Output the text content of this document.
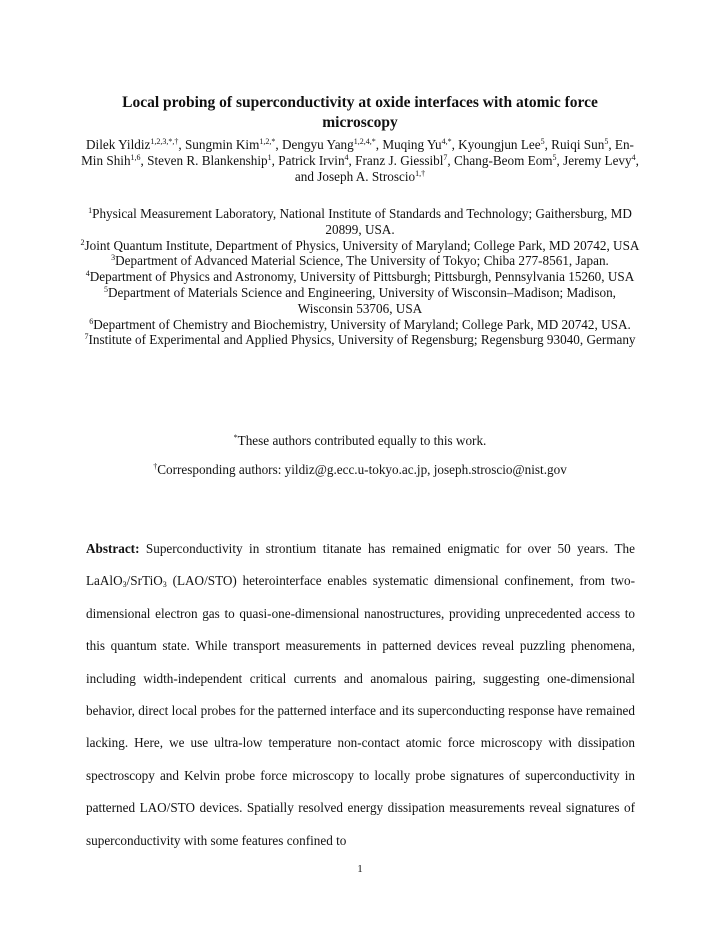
Local probing of superconductivity at oxide interfaces with atomic force microscopy
Dilek Yildiz$^{1,2,3,*,\dagger}$, Sungmin Kim$^{1,2,*}$, Dengyu Yang$^{1,2,4,*}$, Muqing $Yu^{4,*}$, Kyoungjun Lee$^5$, Ruiqi Sun$^5$, En-Min Shih$^{1,6}$, Steven R. Blankenship$^1$, Patrick Irvin$^4$, Franz J. Giessibl$^7$, Chang-Beom Eom$^5$, Jeremy Levy$^4$, and Joseph A. Stroscio$^{1,\dagger}$
$^1$Physical Measurement Laboratory, National Institute of Standards and Technology; Gaithersburg, MD 20899, USA.
$^2$Joint Quantum Institute, Department of Physics, University of Maryland; College Park, MD 20742, USA
$^3$Department of Advanced Material Science, The University of Tokyo; Chiba 277-8561, Japan.
$^4$Department of Physics and Astronomy, University of Pittsburgh; Pittsburgh, Pennsylvania 15260, USA
$^5$Department of Materials Science and Engineering, University of Wisconsin–Madison; Madison, Wisconsin 53706, USA
$^6$Department of Chemistry and Biochemistry, University of Maryland; College Park, MD 20742, USA.
$^7$Institute of Experimental and Applied Physics, University of Regensburg; Regensburg 93040, Germany
*These authors contributed equally to this work.
†Corresponding authors: yildiz@g.ecc.u-tokyo.ac.jp, joseph.stroscio@nist.gov
Abstract: Superconductivity in strontium titanate has remained enigmatic for over 50 years. The LaAlO$_3$/SrTiO$_3$ (LAO/STO) heterointerface enables systematic dimensional confinement, from two-dimensional electron gas to quasi-one-dimensional nanostructures, providing unprecedented access to this quantum state. While transport measurements in patterned devices reveal puzzling phenomena, including width-independent critical currents and anomalous pairing, suggesting one-dimensional behavior, direct local probes for the patterned interface and its superconducting response have remained lacking. Here, we use ultra-low temperature non-contact atomic force microscopy with dissipation spectroscopy and Kelvin probe force microscopy to locally probe signatures of superconductivity in patterned LAO/STO devices. Spatially resolved energy dissipation measurements reveal signatures of superconductivity with some features confined to
1
